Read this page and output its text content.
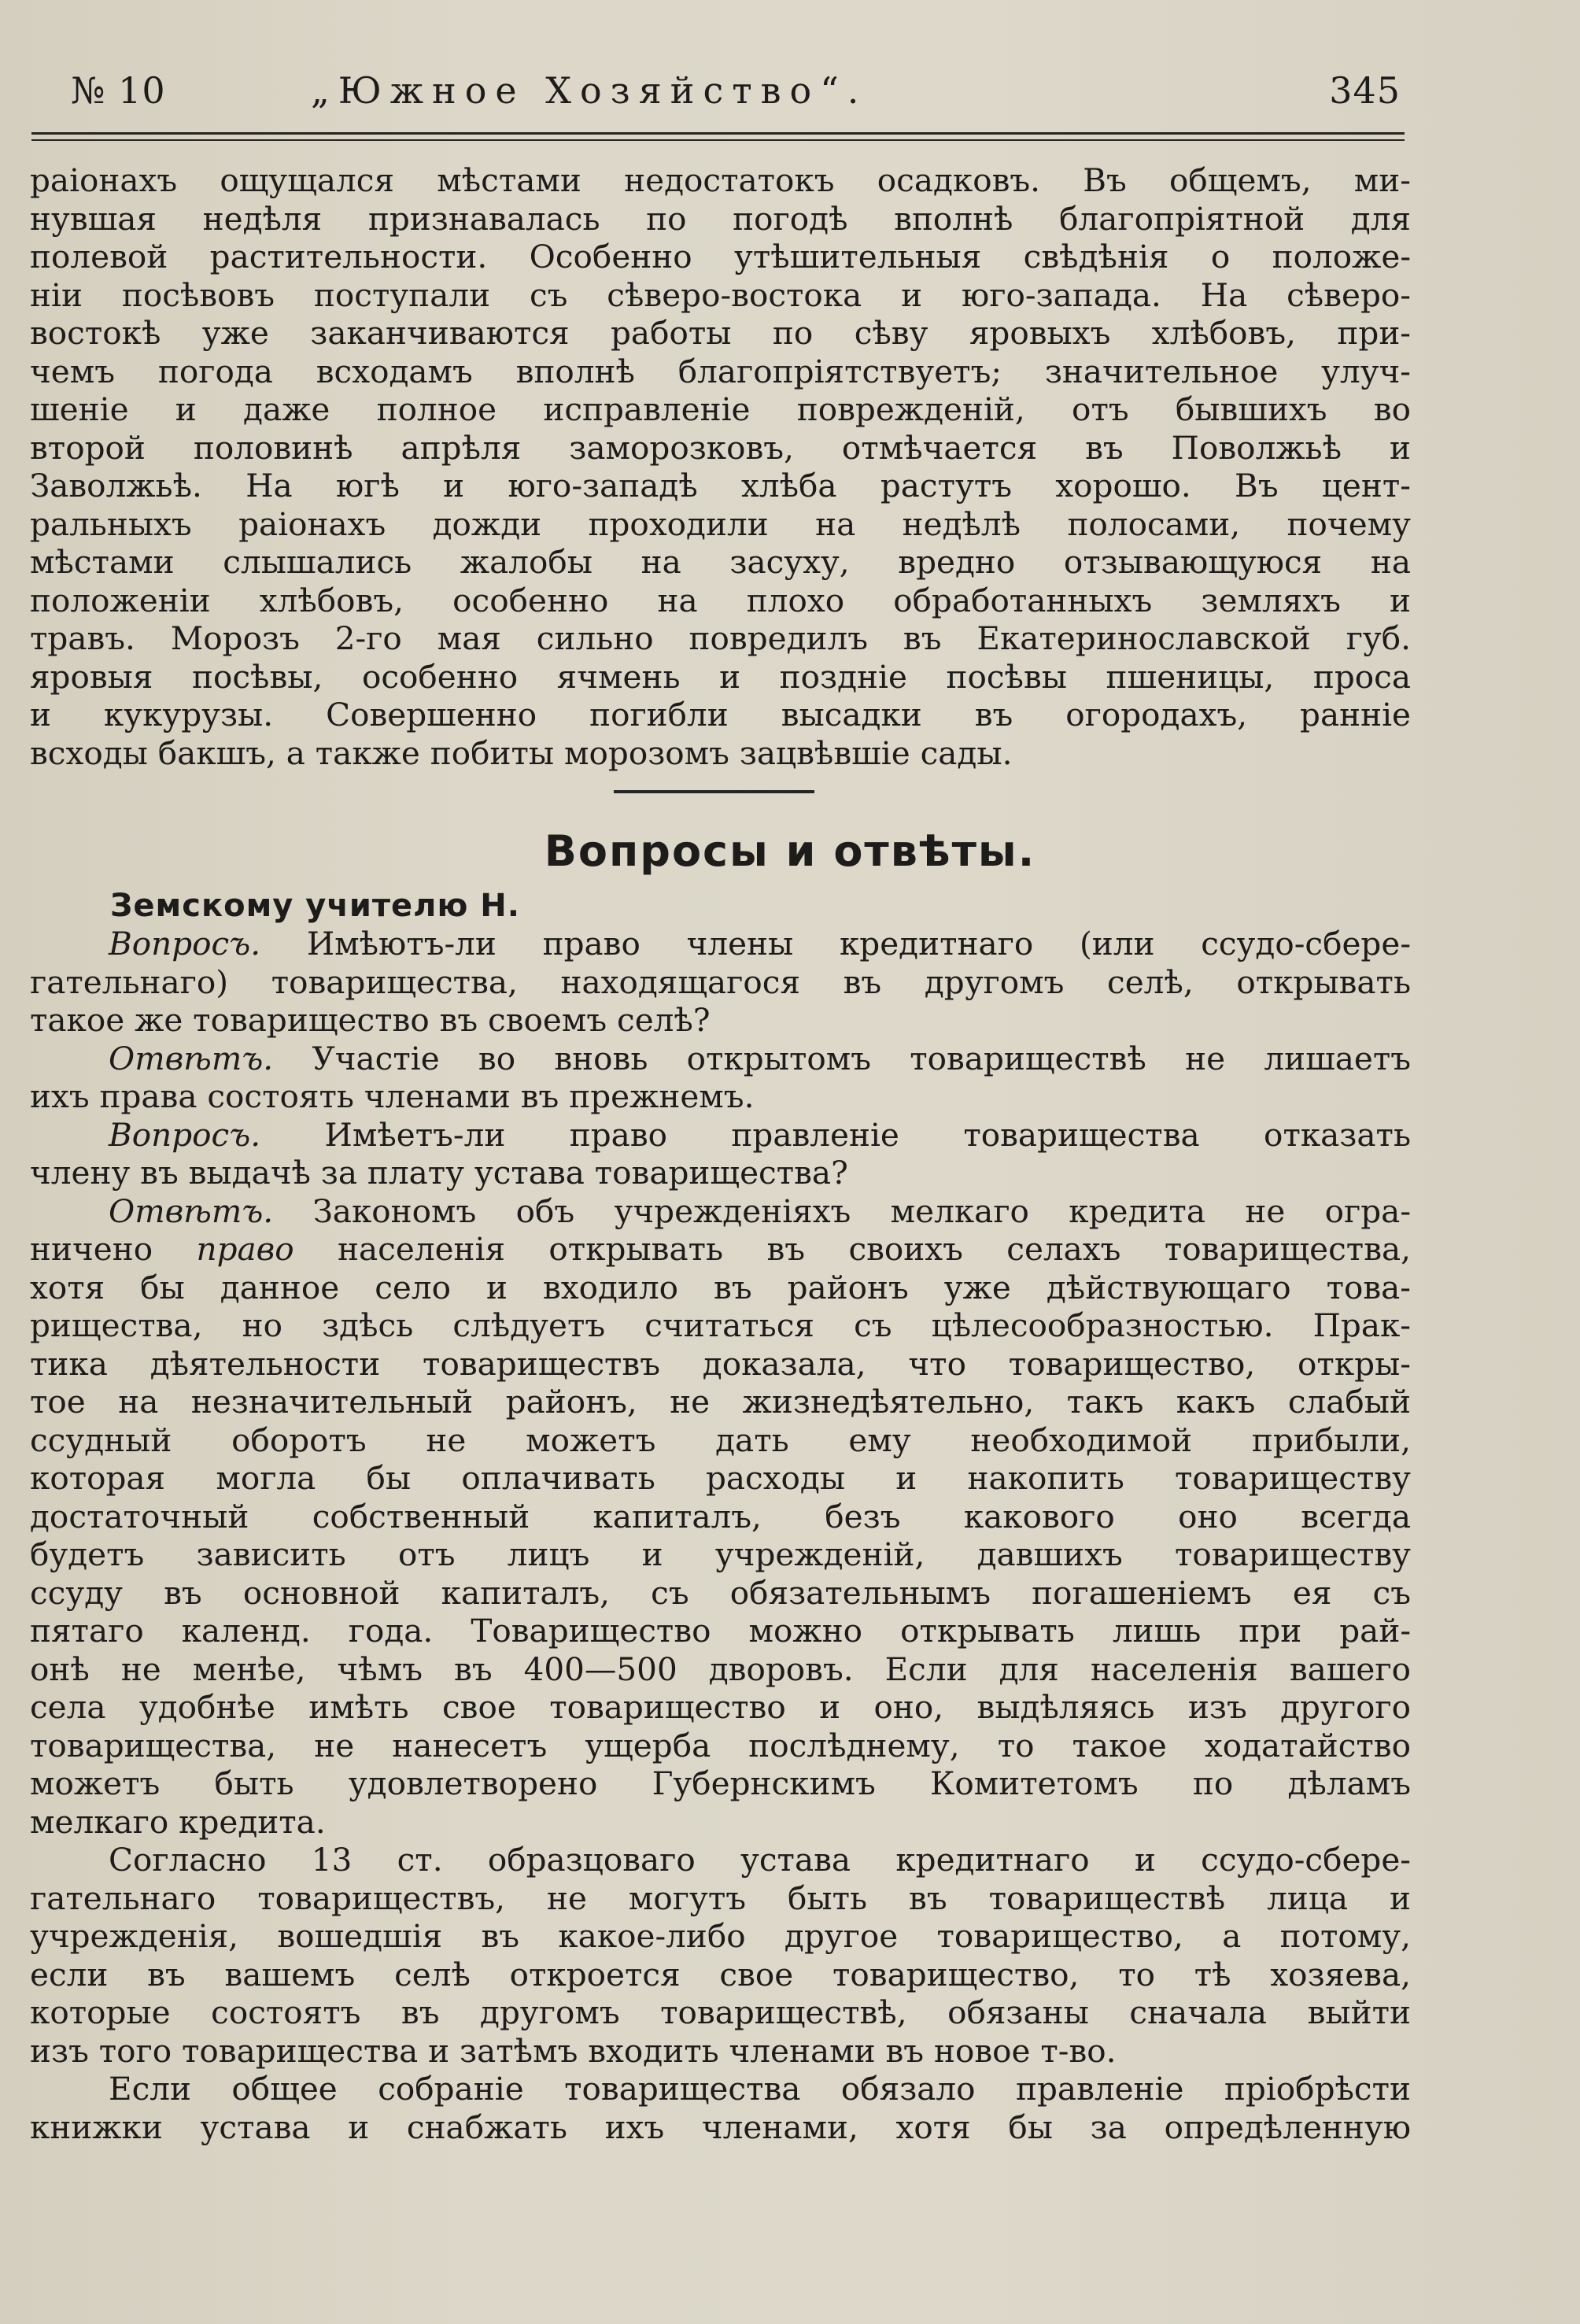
№ 10	„Южное Хозяйство“.	345
раіонахъ ощущался мѣстами недостатокъ осадковъ. Въ общемъ, ми-
нувшая недѣля признавалась по погодѣ вполнѣ благопріятной для
полевой растительности. Особенно утѣшительныя свѣдѣнія о положе-
ніи посѣвовъ поступали съ сѣверо-востока и юго-запада. На сѣверо-
востокѣ уже заканчиваются работы по сѣву яровыхъ хлѣбовъ, при-
чемъ погода всходамъ вполнѣ благопріятствуетъ; значительное улуч-
шеніе и даже полное исправленіе поврежденій, отъ бывшихъ во
второй половинѣ апрѣля заморозковъ, отмѣчается въ Поволжьѣ и
Заволжьѣ. На югѣ и юго-западѣ хлѣба растутъ хорошо. Въ цент-
ральныхъ раіонахъ дожди проходили на недѣлѣ полосами, почему
мѣстами слышались жалобы на засуху, вредно отзывающуюся на
положеніи хлѣбовъ, особенно на плохо обработанныхъ земляхъ и
травъ. Морозъ 2-го мая сильно повредилъ въ Екатеринославской губ.
яровыя посѣвы, особенно ячмень и поздніе посѣвы пшеницы, проса
и кукурузы. Совершенно погибли высадки въ огородахъ, ранніе
всходы бакшъ, а также побиты морозомъ зацвѣвшіе сады.
Вопросы и отвѣты.
Земскому учителю Н.
Вопросъ. Имѣютъ-ли право члены кредитнаго (или ссудо-сбере-
гательнаго) товарищества, находящагося въ другомъ селѣ, открывать
такое же товарищество въ своемъ селѣ?
Отвѣтъ. Участіе во вновь открытомъ товариществѣ не лишаетъ
ихъ права состоять членами въ прежнемъ.
Вопросъ. Имѣетъ-ли право правленіе товарищества отказать
члену въ выдачѣ за плату устава товарищества?
Отвѣтъ. Закономъ объ учрежденіяхъ мелкаго кредита не огра-
ничено право населенія открывать въ своихъ селахъ товарищества,
хотя бы данное село и входило въ районъ уже дѣйствующаго това-
рищества, но здѣсь слѣдуетъ считаться съ цѣлесообразностью. Прак-
тика дѣятельности товариществъ доказала, что товарищество, откры-
тое на незначительный районъ, не жизнедѣятельно, такъ какъ слабый
ссудный оборотъ не можетъ дать ему необходимой прибыли,
которая могла бы оплачивать расходы и накопить товариществу
достаточный собственный капиталъ, безъ какового оно всегда
будетъ зависить отъ лицъ и учрежденій, давшихъ товариществу
ссуду въ основной капиталъ, съ обязательнымъ погашеніемъ ея съ
пятаго календ. года. Товарищество можно открывать лишь при рай-
онѣ не менѣе, чѣмъ въ 400—500 дворовъ. Если для населенія вашего
села удобнѣе имѣть свое товарищество и оно, выдѣляясь изъ другого
товарищества, не нанесетъ ущерба послѣднему, то такое ходатайство
можетъ быть удовлетворено Губернскимъ Комитетомъ по дѣламъ
мелкаго кредита.
Согласно 13 ст. образцоваго устава кредитнаго и ссудо-сбере-
гательнаго товариществъ, не могутъ быть въ товариществѣ лица и
учрежденія, вошедшія въ какое-либо другое товарищество, а потому,
если въ вашемъ селѣ откроется свое товарищество, то тѣ хозяева,
которые состоятъ въ другомъ товариществѣ, обязаны сначала выйти
изъ того товарищества и затѣмъ входить членами въ новое т-во.
Если общее собраніе товарищества обязало правленіе пріобрѣсти
книжки устава и снабжать ихъ членами, хотя бы за опредѣленную
